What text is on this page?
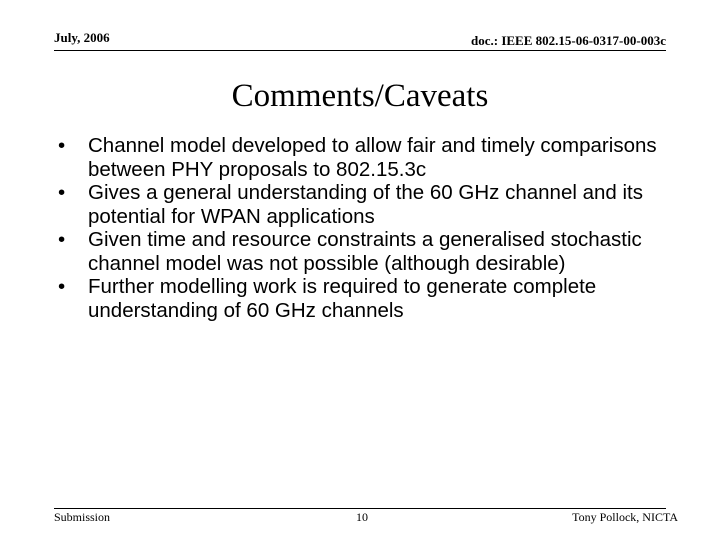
July, 2006	doc.: IEEE 802.15-06-0317-00-003c
Comments/Caveats
• Channel model developed to allow fair and timely comparisons between PHY proposals to 802.15.3c
• Gives a general understanding of the 60 GHz channel and its potential for WPAN applications
• Given time and resource constraints a generalised stochastic channel model was not possible (although desirable)
• Further modelling work is required to generate complete understanding of 60 GHz channels
Submission	10	Tony Pollock, NICTA
